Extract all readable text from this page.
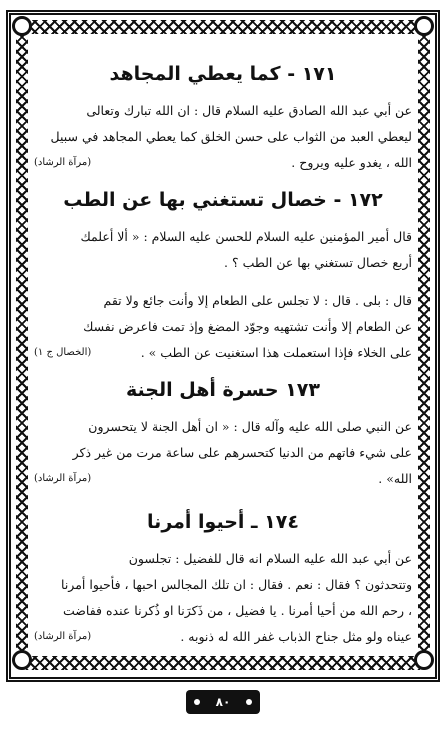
١٧١ - كما يعطي المجاهد

عن أبي عبد الله الصادق عليه السلام قال : ان الله تبارك وتعالى

ليعطي العبد من الثواب على حسن الخلق كما يعطي المجاهد في سبيل

الله ، يغدو عليه ويروح .
(مرآة الرشاد)
١٧٢ - خصال تستغني بها عن الطب

قال أمير المؤمنين عليه السلام للحسن عليه السلام : « ألا أعلمك

أربع خصال تستغني بها عن الطب ؟ .

قال : بلى . قال : لا تجلس على الطعام إلا وأنت جائع ولا تقم

عن الطعام إلا وأنت تشتهيه وجوّد المضغ وإذ تمت فاعرض نفسك

على الخلاء فإذا استعملت هذا استغنيت عن الطب » .
(الخصال ج ١)
١٧٣ حسرة أهل الجنة

عن النبي صلى الله عليه وآله قال : « ان أهل الجنة لا يتحسرون

على شيء فاتهم من الدنيا كتحسرهم على ساعة مرت من غير ذكر

الله» .
(مرآة الرشاد)
١٧٤ ـ أحيوا أمرنا

عن أبي عبد الله عليه السلام انه قال للفضيل : تجلسون

وتتحدثون ؟ فقال : نعم . فقال : ان تلك المجالس احبها ، فأحيوا أمرنا

، رحم الله من أحيا أمرنا . يا فضيل ، من ذَكرَنا او ذُكرنا عنده ففاضت

عيناه ولو مثل جناح الذباب غفر الله له ذنوبه .
(مرآة الرشاد)
٨٠
